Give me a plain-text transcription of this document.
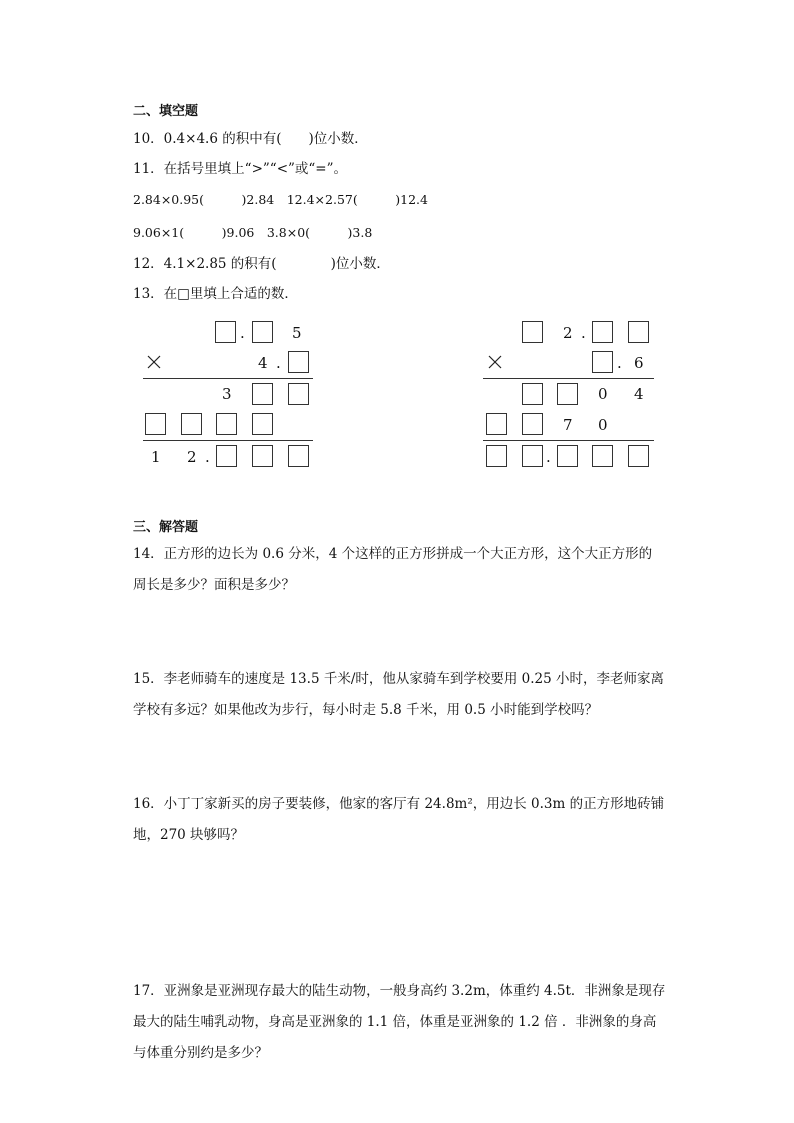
二、填空题
10．0.4×4.6 的积中有(　　)位小数．
11．在括号里填上“>”“<”或“=”。
2.84×0.95(　　　)2.84　12.4×2.57(　　　)12.4
9.06×1(　　　)9.06　3.8×0(　　　)3.8
12．4.1×2.85 的积有(　　　　)位小数．
13．在□里填上合适的数．
.	5
4 .
3
1 2 .
2 .
. 6
0 4
7 0
.
三、解答题
14．正方形的边长为 0.6 分米，4 个这样的正方形拼成一个大正方形，这个大正方形的
周长是多少？面积是多少？
15．李老师骑车的速度是 13.5 千米/时，他从家骑车到学校要用 0.25 小时，李老师家离
学校有多远？如果他改为步行，每小时走 5.8 千米，用 0.5 小时能到学校吗？
16．小丁丁家新买的房子要装修，他家的客厅有 24.8m²，用边长 0.3m 的正方形地砖铺
地，270 块够吗？
17．亚洲象是亚洲现存最大的陆生动物，一般身高约 3.2m，体重约 4.5t．非洲象是现存
最大的陆生哺乳动物，身高是亚洲象的 1.1 倍，体重是亚洲象的 1.2 倍 ．非洲象的身高
与体重分别约是多少？
